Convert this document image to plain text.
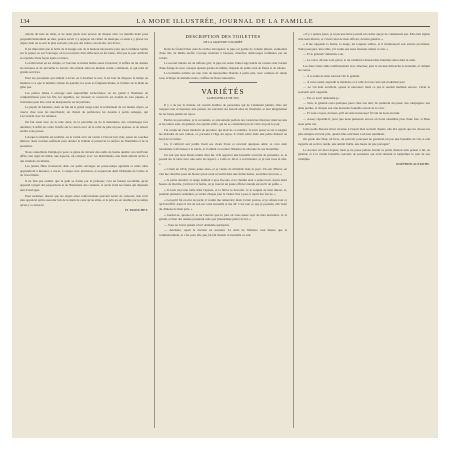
134	LA MODE ILLUSTRÉE, JOURNAL DE LA FAMILLE

rations du bois de table, et de deux pieds trois pouces de chaque côté. Ce meuble étant posé perpendiculairement au mur, pourra servir à y appuyer un cahier de musique, et aussi à y placer les objets dont on se sert le plus souvent, tels que des boîtes, un encrier, des livres.

Il est important que la boîte de la bougie soit de la hauteur nécessaire pour que la lumière tombe sur le papier ou sur l'ouvrage; on la recouvrira d'un réflecteur en fer-blanc, afin que le jour artificiel se répande d'une façon égale et douce.

La fabrication en est simple, et l'ouvrier le moins habile saura l'exécuter; il suffira de lui donner les mesures et de surveiller le travail. On obtient ainsi un meuble solide, commode, et qui rend de grands services.

Pour les personnes qui aiment à écrire ou à dessiner le soir, il est bon de disposer la lampe de manière à ce que la lumière vienne de gauche; les yeux se fatiguent moins, et l'ombre de la main ne gêne pas.

Les petites tables à ouvrage sont aujourd'hui recherchées; on les garnit à l'intérieur de compartiments pour les fils, les aiguilles, les ciseaux; le couvercle est doublé de soie piquée, et l'extérieur peut être orné de marqueterie ou de peinture.

Le papier de fantaisie, dont on fait un si grand usage pour le revêtement de ces menus objets, se trouve chez tous les marchands; on choisit de préférence les dessins à petits ramages, qui s'accordent avec les tentures.

On fait aussi avec de la toile cirée, de la percaline ou de la moleskine, des cartonnages fort durables; il suffit de coller l'étoffe sur le carton avec de la colle de pâte un peu épaisse, et de laisser sécher sous presse.

Lorsque le meuble est terminé, on le vernit avec un vernis à l'alcool très clair, passé en couches minces; deux couches suffisent pour donner le brillant et préserver la surface de l'humidité et de la poussière.

Nous conseillons d'employer pour ce genre de travaux des outils de bonne qualité: un canif bien affilé, une règle de métal, une équerre, un compas; avec ces instruments, une main adroite arrive à des résultats excellents.

Les jeunes filles trouveront dans ces petits ouvrages un passe-temps agréable et utile; elles apprendront à mesurer, à tracer, à couper avec précision, et acquerront ainsi l'habitude de l'ordre et de l'exactitude.

Il ne faut pas oublier que le goût se forme par la pratique; c'est en faisant soi-même qu'on apprend à juger des proportions et de l'harmonie des couleurs, et qu'on évite les fautes qui déparent tant d'ouvrages.

Pour terminer, disons que les objets ainsi confectionnés peuvent servir de cadeaux; rien n'est plus apprécié qu'un souvenir fait de la main de ceux qu'on aime, et le prix en est doublé par le temps qu'on y a consacré.

H. TRONCHET.
DESCRIPTION DES TOILETTES
DE LA GRAVURE COLORIÉE

Robe de foulard bleu orné de ruches découpées; la jupe est garnie de volants plissés, surmontés d'une tête de même étoffe. Corsage montant à basques, manches demi-larges terminées par un volant.

Le second toilette est de taffetas gris; la jupe est ornée d'une large bande de velours noir bordée d'une frange de soie; casaque ajustée garnie de même; chapeau de paille orné de fleurs et de rubans.

La troisième toilette est une robe de mousseline blanche à petits plis, avec ceinture de ruban rose; écharpe de dentelle noire; coiffure de fleurs naturelles.

VARIÉTÉS
LA BOUTEILLE DE VIN.

Il y a de par le monde, un certain nombre de personnes qui ne s'ennuient jamais; elles ont toujours une occupation, une pensée, un souvenir. Au besoin elles en inventent, et leur imagination ne les laisse jamais en repos.

Parmi ces personnes, je le reconnais, se rencontrent parfois des caractères bizarres; mais les uns et les autres sont, en général, des esprits actifs, qui ne se contentent pas de vivre au jour le jour.

J'ai connu un vieux médecin de province qui était de ce nombre. Il avait passé sa vie à soigner les malades de son canton, et, parvenu à l'âge du repos, il s'était retiré dans une petite maison au bord de la rivière.

Là, il cultivait son jardin, lisait ses vieux livres et recevait quelques amis; sa cave était renommée à dix lieues à la ronde, et il aimait à raconter l'histoire de chacune de ses bouteilles.

Un soir que nous étions réunis chez lui, il fit apporter une bouteille couverte de poussière, et, la posant sur la table avec une sorte de respect: « Celle-ci, dit-il, a son histoire, et je vais vous la dire. »

« C'était en 1814; j'étais jeune alors, et je venais de m'établir dans le pays. Un soir d'hiver, on vint me chercher pour un blessé qu'on avait recueilli dans une ferme isolée, au milieu des bois. »

« Je partis aussitôt; la neige tombait à gros flocons, et le chemin était à peine tracé. Après deux heures de marche, j'arrivai à la ferme, où je trouvai un jeune officier étendu sur un lit de paille. »

« Il avait reçu une balle dans l'épaule, et la fièvre le dévorait. Je le soignai de mon mieux, et, pendant plusieurs semaines, je revins chaque jour le visiter. Peu à peu, il reprit des forces. »

« Lorsqu'il fut en état de partir, il voulut me remercier; mais il était pauvre, et je refusai tout ce qu'il m'offrit. Alors il tira de son sac cette bouteille et me dit: C'est tout ce que je possède; elle vient du château de mon père. »

« Gardez-la, ajouta-t-il, et ne l'ouvrez que le jour où vous aurez reçu de mes nouvelles. Je la gardai, et bien des années passèrent sans que j'entendisse parler de lui. »

— Vous ne l'avez jamais revu? demanda quelqu'un.

— Attendez, reprit le docteur en souriant. La suite de l'histoire vaut mieux que le commencement, et c'est pour elle que j'ai fait monter la bouteille ce soir.

« Il y a quinze jours, je reçus une lettre portant un cachet que je ne connaissais pas. Elle était signée d'un nom illustre, et c'était celui de mon officier, devenu général. »

« Il me rappelait la ferme, la neige, les longues veilles, et il m'annonçait son arrivée prochaine. Voilà pourquoi, mes amis, j'ai voulu que nous fussions réunis ce soir. »

— Et le général? demanda-t-on.

— Le voici, dit une voix grave; et un vieillard à moustaches blanches entra dans la salle.

Les deux vieux amis s'embrassèrent avec émotion; puis le docteur déboucha la bouteille, et remplit les verres.

— À la santé de mon sauveur! dit le général.

— À votre santé, répondit le médecin, et à celle de tous ceux qui n'oublient pas!

— Le vin était excellent, ajouta le narrateur; mais ce qui le rendait meilleur encore, c'était le souvenir qu'il rappelait.

— Est-ce tout? demandai-je.

— Non, le général resta quelques jours chez son ami; ils parlèrent du passé, des campagnes, des amis perdus, et chaque soir une nouvelle bouteille sortait de la cave.

— Et vous croyez, docteur, qu'il en reste beaucoup? fit l'un de nous en riant.

— Assez, répondit-il, pour que nous puissions encore en boire ensemble plus d'une fois, si Dieu nous prête vie.

Cette petite histoire m'est revenue à l'esprit bien souvent depuis; elle m'a appris que les choses les plus simples ont leur prix, quand elles sont liées à un bon sentiment.

On garde une fleur, un livre, un portrait; pourquoi ne garderait-on pas une bouteille de vin, si elle rappelle un service rendu, une amitié fidèle, une heure de joie partagée?

Le docteur est mort depuis; mais je ne passe jamais devant sa petite maison sans penser à lui, au général, et à la vieille bouteille couverte de poussière qui avait attendu si longtemps le jour de son triomphe.

JOSÉPHINE AUTRICHE.
